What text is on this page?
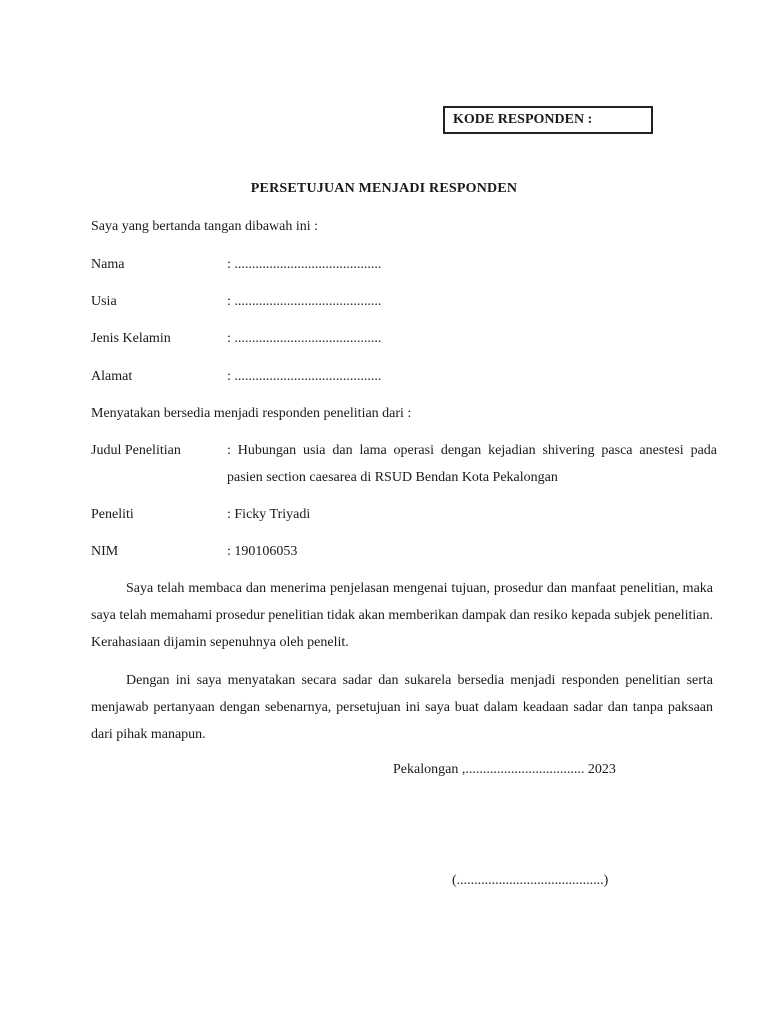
KODE RESPONDEN :
PERSETUJUAN MENJADI RESPONDEN
Saya yang bertanda tangan dibawah ini :
Nama	: ..........................................
Usia	: ..........................................
Jenis Kelamin	: ..........................................
Alamat	: ..........................................
Menyatakan bersedia menjadi responden penelitian dari :
Judul Penelitian	: Hubungan usia dan lama operasi dengan kejadian shivering pasca anestesi pada pasien section caesarea di RSUD Bendan Kota Pekalongan
Peneliti	: Ficky Triyadi
NIM	: 190106053
Saya telah membaca dan menerima penjelasan mengenai tujuan, prosedur dan manfaat penelitian, maka saya telah memahami prosedur penelitian tidak akan memberikan dampak dan resiko kepada subjek penelitian. Kerahasiaan dijamin sepenuhnya oleh penelit.
Dengan ini saya menyatakan secara sadar dan sukarela bersedia menjadi responden penelitian serta menjawab pertanyaan dengan sebenarnya, persetujuan ini saya buat dalam keadaan sadar dan tanpa paksaan dari pihak manapun.
Pekalongan ,.................................. 2023
(..........................................)
